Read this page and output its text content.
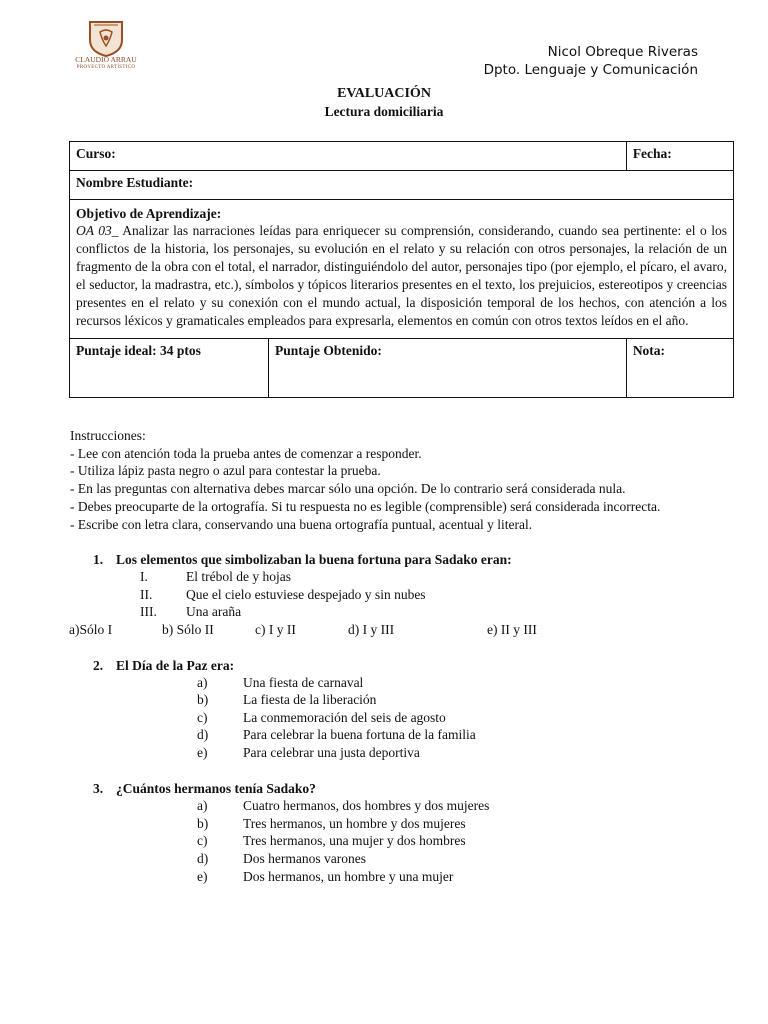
CLAUDIO ARRAU
PROYECTO ARTÍSTICO
Nicol Obreque Riveras
Dpto. Lenguaje y Comunicación
EVALUACIÓN
Lectura domiciliaria
Curso:		Fecha:
Nombre Estudiante:		

Objetivo de Aprendizaje:
OA 03_ Analizar las narraciones leídas para enriquecer su comprensión, considerando, cuando sea pertinente: el o los conflictos de la historia, los personajes, su evolución en el relato y su relación con otros personajes, la relación de un fragmento de la obra con el total, el narrador, distinguiéndolo del autor, personajes tipo (por ejemplo, el pícaro, el avaro, el seductor, la madrastra, etc.), símbolos y tópicos literarios presentes en el texto, los prejuicios, estereotipos y creencias presentes en el relato y su conexión con el mundo actual, la disposición temporal de los hechos, con atención a los recursos léxicos y gramaticales empleados para expresarla, elementos en común con otros textos leídos en el año.		

Puntaje ideal: 34 ptos	Puntaje Obtenido:	Nota:
Instrucciones:
- Lee con atención toda la prueba antes de comenzar a responder.
- Utiliza lápiz pasta negro o azul para contestar la prueba.
- En las preguntas con alternativa debes marcar sólo una opción. De lo contrario será considerada nula.
- Debes preocuparte de la ortografía. Si tu respuesta no es legible (comprensible) será considerada incorrecta.
- Escribe con letra clara, conservando una buena ortografía puntual, acentual y literal.
1. Los elementos que simbolizaban la buena fortuna para Sadako eran:
I.	El trébol de y hojas
II. Que el cielo estuviese despejado y sin nubes
III. Una araña
a)Sólo I	b) Sólo II	c) I y II	d) I y III	e) II y III
2. El Día de la Paz era:
a)	Una fiesta de carnaval
b)	La fiesta de la liberación
c)	La conmemoración del seis de agosto
d)	Para celebrar la buena fortuna de la familia
e)	Para celebrar una justa deportiva
3. ¿Cuántos hermanos tenía Sadako?
a)	Cuatro hermanos, dos hombres y dos mujeres
b)	Tres hermanos, un hombre y dos mujeres
c)	Tres hermanos, una mujer y dos hombres
d)	Dos hermanos varones
e)	Dos hermanos, un hombre y una mujer
